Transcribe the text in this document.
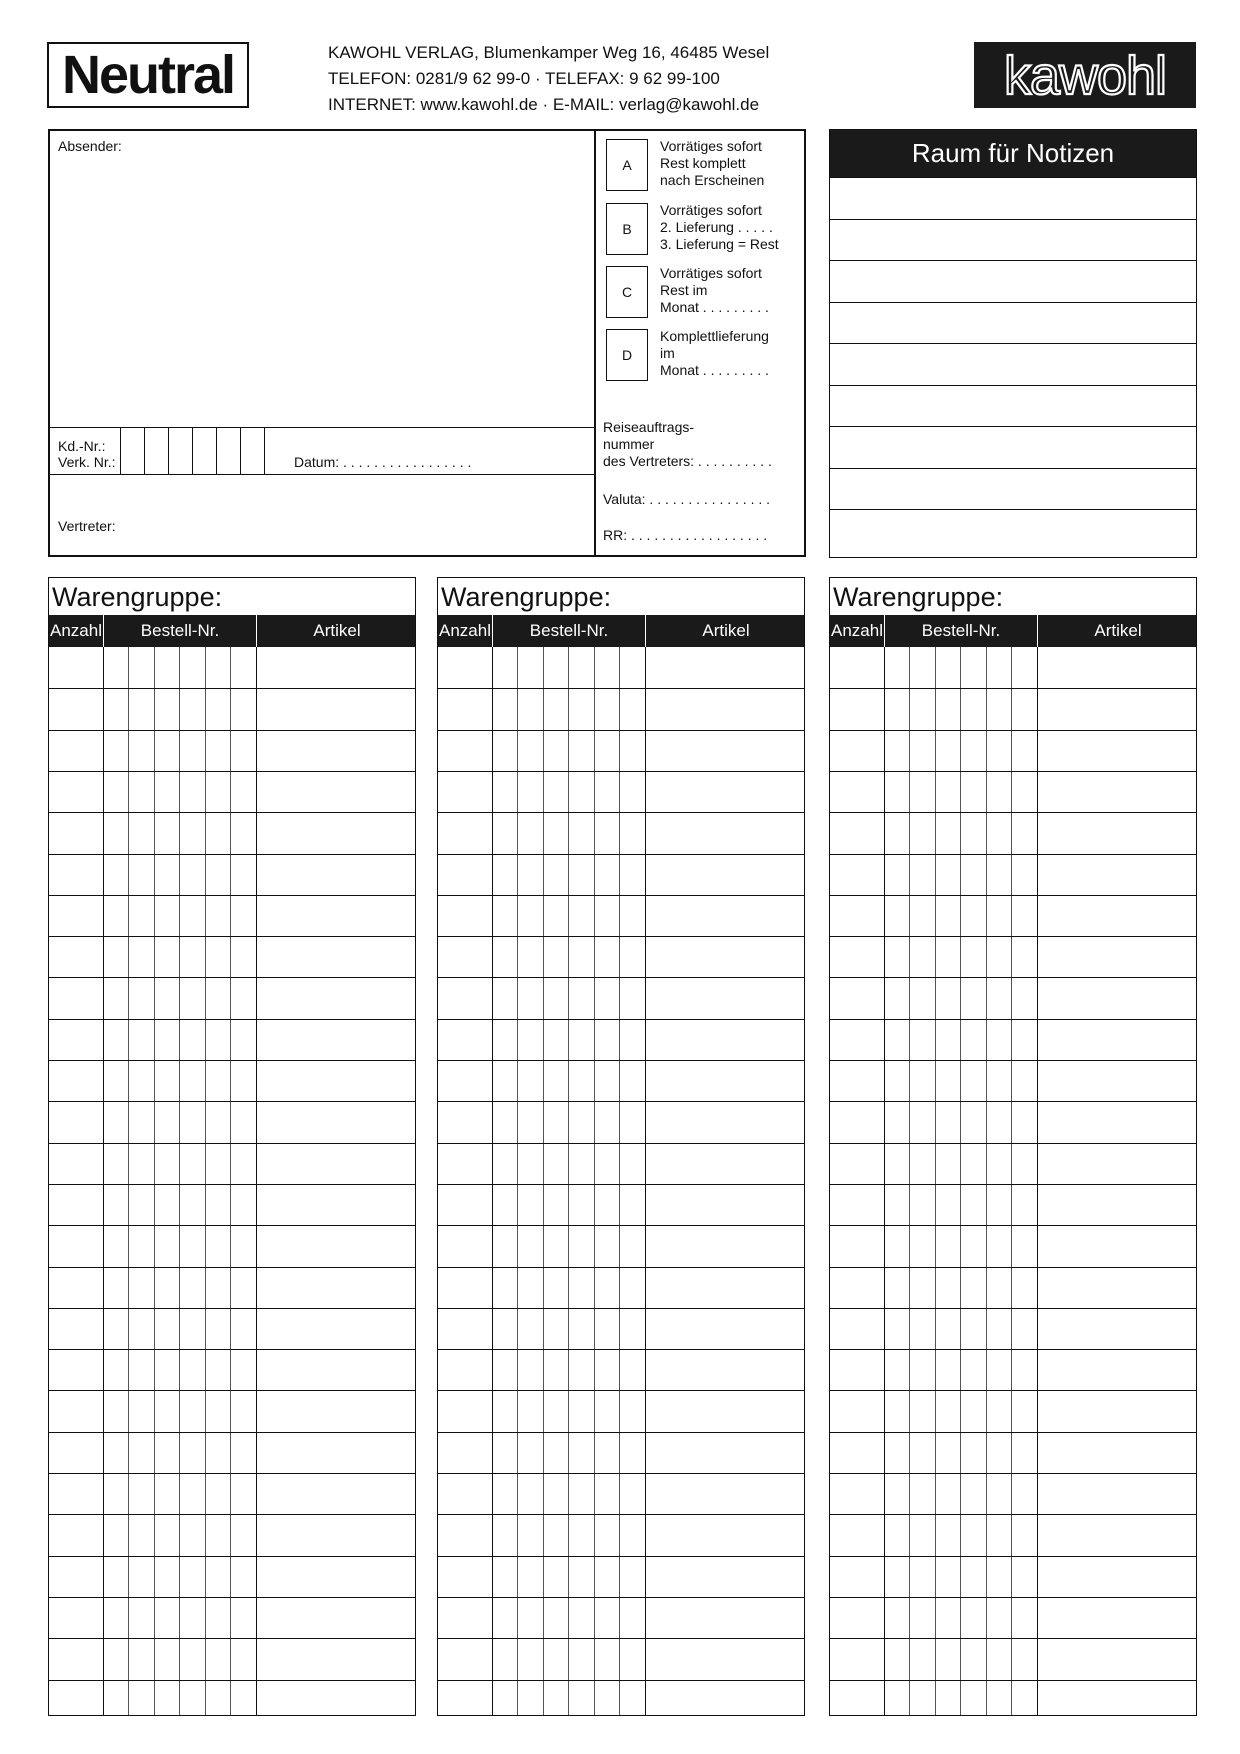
Neutral	KAWOHL VERLAG, Blumenkamper Weg 16, 46485 Wesel
TELEFON: 0281/9 62 99-0 · TELEFAX: 9 62 99-100
INTERNET: www.kawohl.de · E-MAIL: verlag@kawohl.de	kawohl
Absender:
Kd.-Nr.:
Verk. Nr.:	Datum: . . . . . . . . . . . . . . . . .
Vertreter:
A
Vorrätiges sofort
Rest komplett
nach Erscheinen
B
Vorrätiges sofort
2. Lieferung . . . . .
3. Lieferung = Rest
C
Vorrätiges sofort
Rest im
Monat . . . . . . . . .
D
Komplettlieferung
im
Monat . . . . . . . . .
Reiseauftrags-
nummer
des Vertreters: . . . . . . . . . .
Valuta: . . . . . . . . . . . . . . . .
RR: . . . . . . . . . . . . . . . . . .
Raum für Notizen
Warengruppe:
Anzahl	Bestell-Nr.	Artikel
Warengruppe:
Anzahl	Bestell-Nr.	Artikel
Warengruppe:
Anzahl	Bestell-Nr.	Artikel
